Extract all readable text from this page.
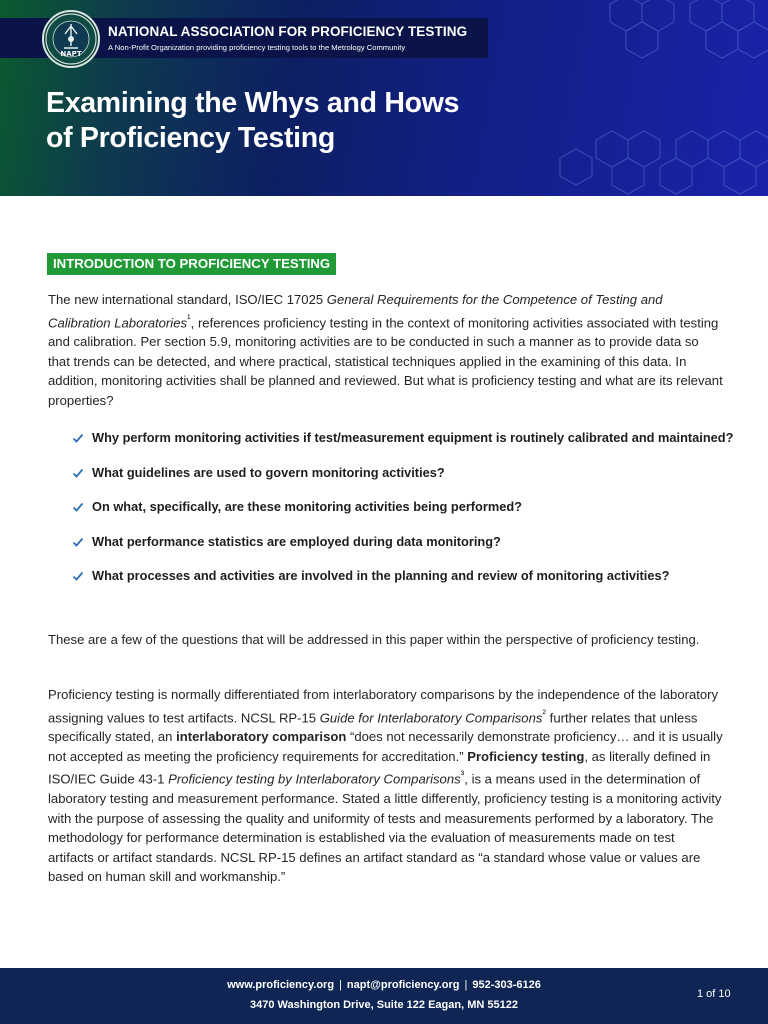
NAPT
NATIONAL ASSOCIATION FOR PROFICIENCY TESTING
A Non-Profit Organization providing proficiency testing tools to the Metrology Community
Examining the Whys and Hows
of Proficiency Testing
INTRODUCTION TO PROFICIENCY TESTING

The new international standard, ISO/IEC 17025 General Requirements for the Competence of Testing and Calibration Laboratories$^{^1}$, references proficiency testing in the context of monitoring activities associated with testing and calibration. Per section 5.9, monitoring activities are to be conducted in such a manner as to provide data so that trends can be detected, and where practical, statistical techniques applied in the examining of this data. In addition, monitoring activities shall be planned and reviewed. But what is proficiency testing and what are its relevant properties?

Why perform monitoring activities if test/measurement equipment is routinely calibrated and maintained?
What guidelines are used to govern monitoring activities?
On what, specifically, are these monitoring activities being performed?
What performance statistics are employed during data monitoring?
What processes and activities are involved in the planning and review of monitoring activities?

These are a few of the questions that will be addressed in this paper within the perspective of proficiency testing.

Proficiency testing is normally differentiated from interlaboratory comparisons by the independence of the laboratory assigning values to test artifacts. NCSL RP-15 Guide for Interlaboratory Comparisons$^{^2}$ further relates that unless specifically stated, an interlaboratory comparison “does not necessarily demonstrate proficiency… and it is usually not accepted as meeting the proficiency requirements for accreditation.” Proficiency testing, as literally defined in ISO/IEC Guide 43-1 Proficiency testing by Interlaboratory Comparisons$^{^3}$, is a means used in the determination of laboratory testing and measurement performance. Stated a little differently, proficiency testing is a monitoring activity with the purpose of assessing the quality and uniformity of tests and measurements performed by a laboratory. The methodology for performance determination is established via the evaluation of measurements made on test artifacts or artifact standards. NCSL RP-15 defines an artifact standard as “a standard whose value or values are based on human skill and workmanship.”

www.proficiency.org | napt@proficiency.org | 952-303-6126
3470 Washington Drive, Suite 122 Eagan, MN 55122
1 of 10
